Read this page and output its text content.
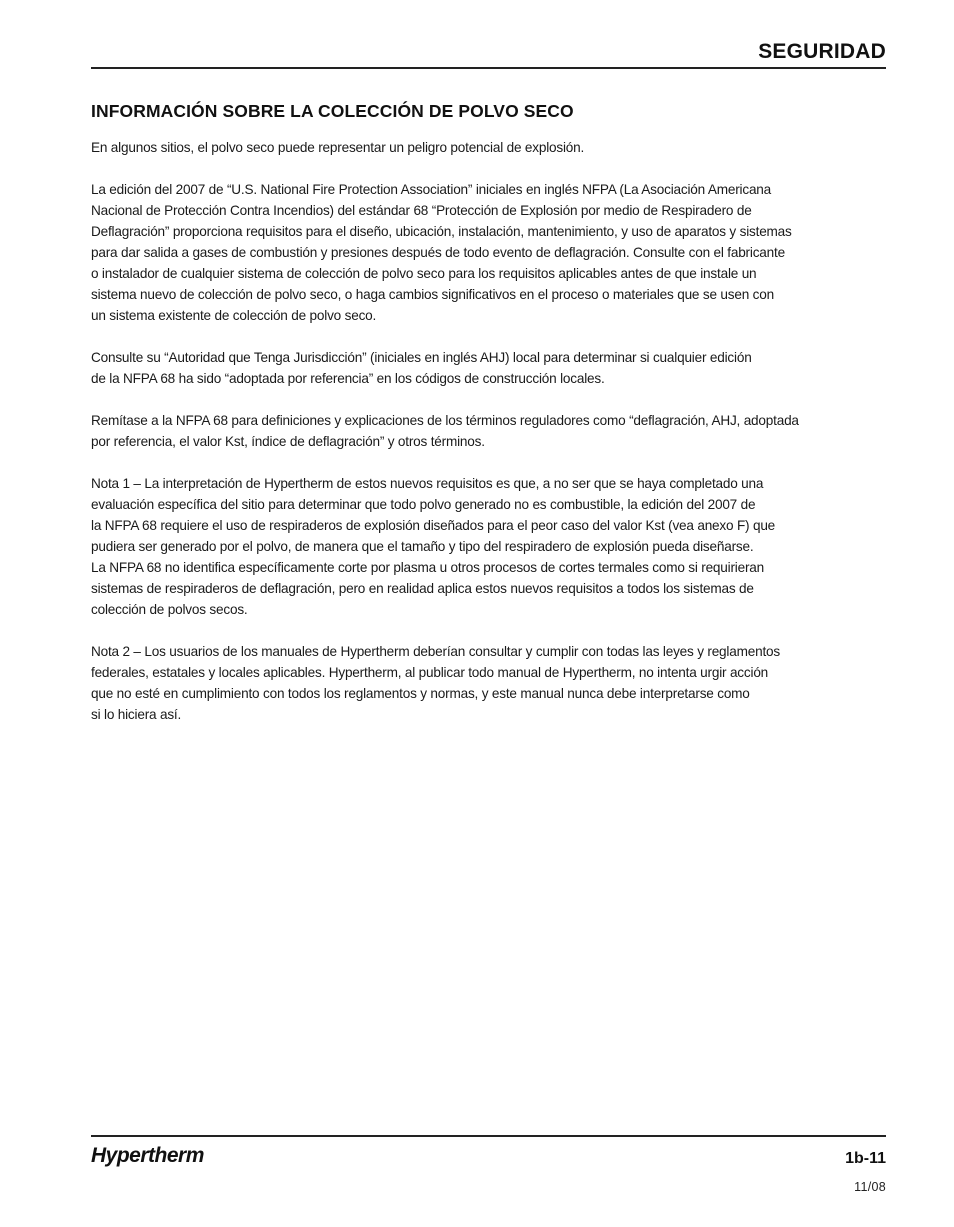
SEGURIDAD
INFORMACIÓN SOBRE LA COLECCIÓN DE POLVO SECO
En algunos sitios, el polvo seco puede representar un peligro potencial de explosión.
La edición del 2007 de “U.S. National Fire Protection Association” iniciales en inglés NFPA (La Asociación Americana
Nacional de Protección Contra Incendios) del estándar 68 “Protección de Explosión por medio de Respiradero de
Deflagración” proporciona requisitos para el diseño, ubicación, instalación, mantenimiento, y uso de aparatos y sistemas
para dar salida a gases de combustión y presiones después de todo evento de deflagración. Consulte con el fabricante
o instalador de cualquier sistema de colección de polvo seco para los requisitos aplicables antes de que instale un
sistema nuevo de colección de polvo seco, o haga cambios significativos en el proceso o materiales que se usen con
un sistema existente de colección de polvo seco.
Consulte su “Autoridad que Tenga Jurisdicción” (iniciales en inglés AHJ) local para determinar si cualquier edición
de la NFPA 68 ha sido “adoptada por referencia” en los códigos de construcción locales.
Remítase a la NFPA 68 para definiciones y explicaciones de los términos reguladores como “deflagración, AHJ, adoptada
por referencia, el valor Kst, índice de deflagración” y otros términos.
Nota 1 – La interpretación de Hypertherm de estos nuevos requisitos es que, a no ser que se haya completado una
evaluación específica del sitio para determinar que todo polvo generado no es combustible, la edición del 2007 de
la NFPA 68 requiere el uso de respiraderos de explosión diseñados para el peor caso del valor Kst (vea anexo F) que
pudiera ser generado por el polvo, de manera que el tamaño y tipo del respiradero de explosión pueda diseñarse.
La NFPA 68 no identifica específicamente corte por plasma u otros procesos de cortes termales como si requirieran
sistemas de respiraderos de deflagración, pero en realidad aplica estos nuevos requisitos a todos los sistemas de
colección de polvos secos.
Nota 2 – Los usuarios de los manuales de Hypertherm deberían consultar y cumplir con todas las leyes y reglamentos
federales, estatales y locales aplicables. Hypertherm, al publicar todo manual de Hypertherm, no intenta urgir acción
que no esté en cumplimiento con todos los reglamentos y normas, y este manual nunca debe interpretarse como
si lo hiciera así.
Hypertherm	1b-11
11/08
